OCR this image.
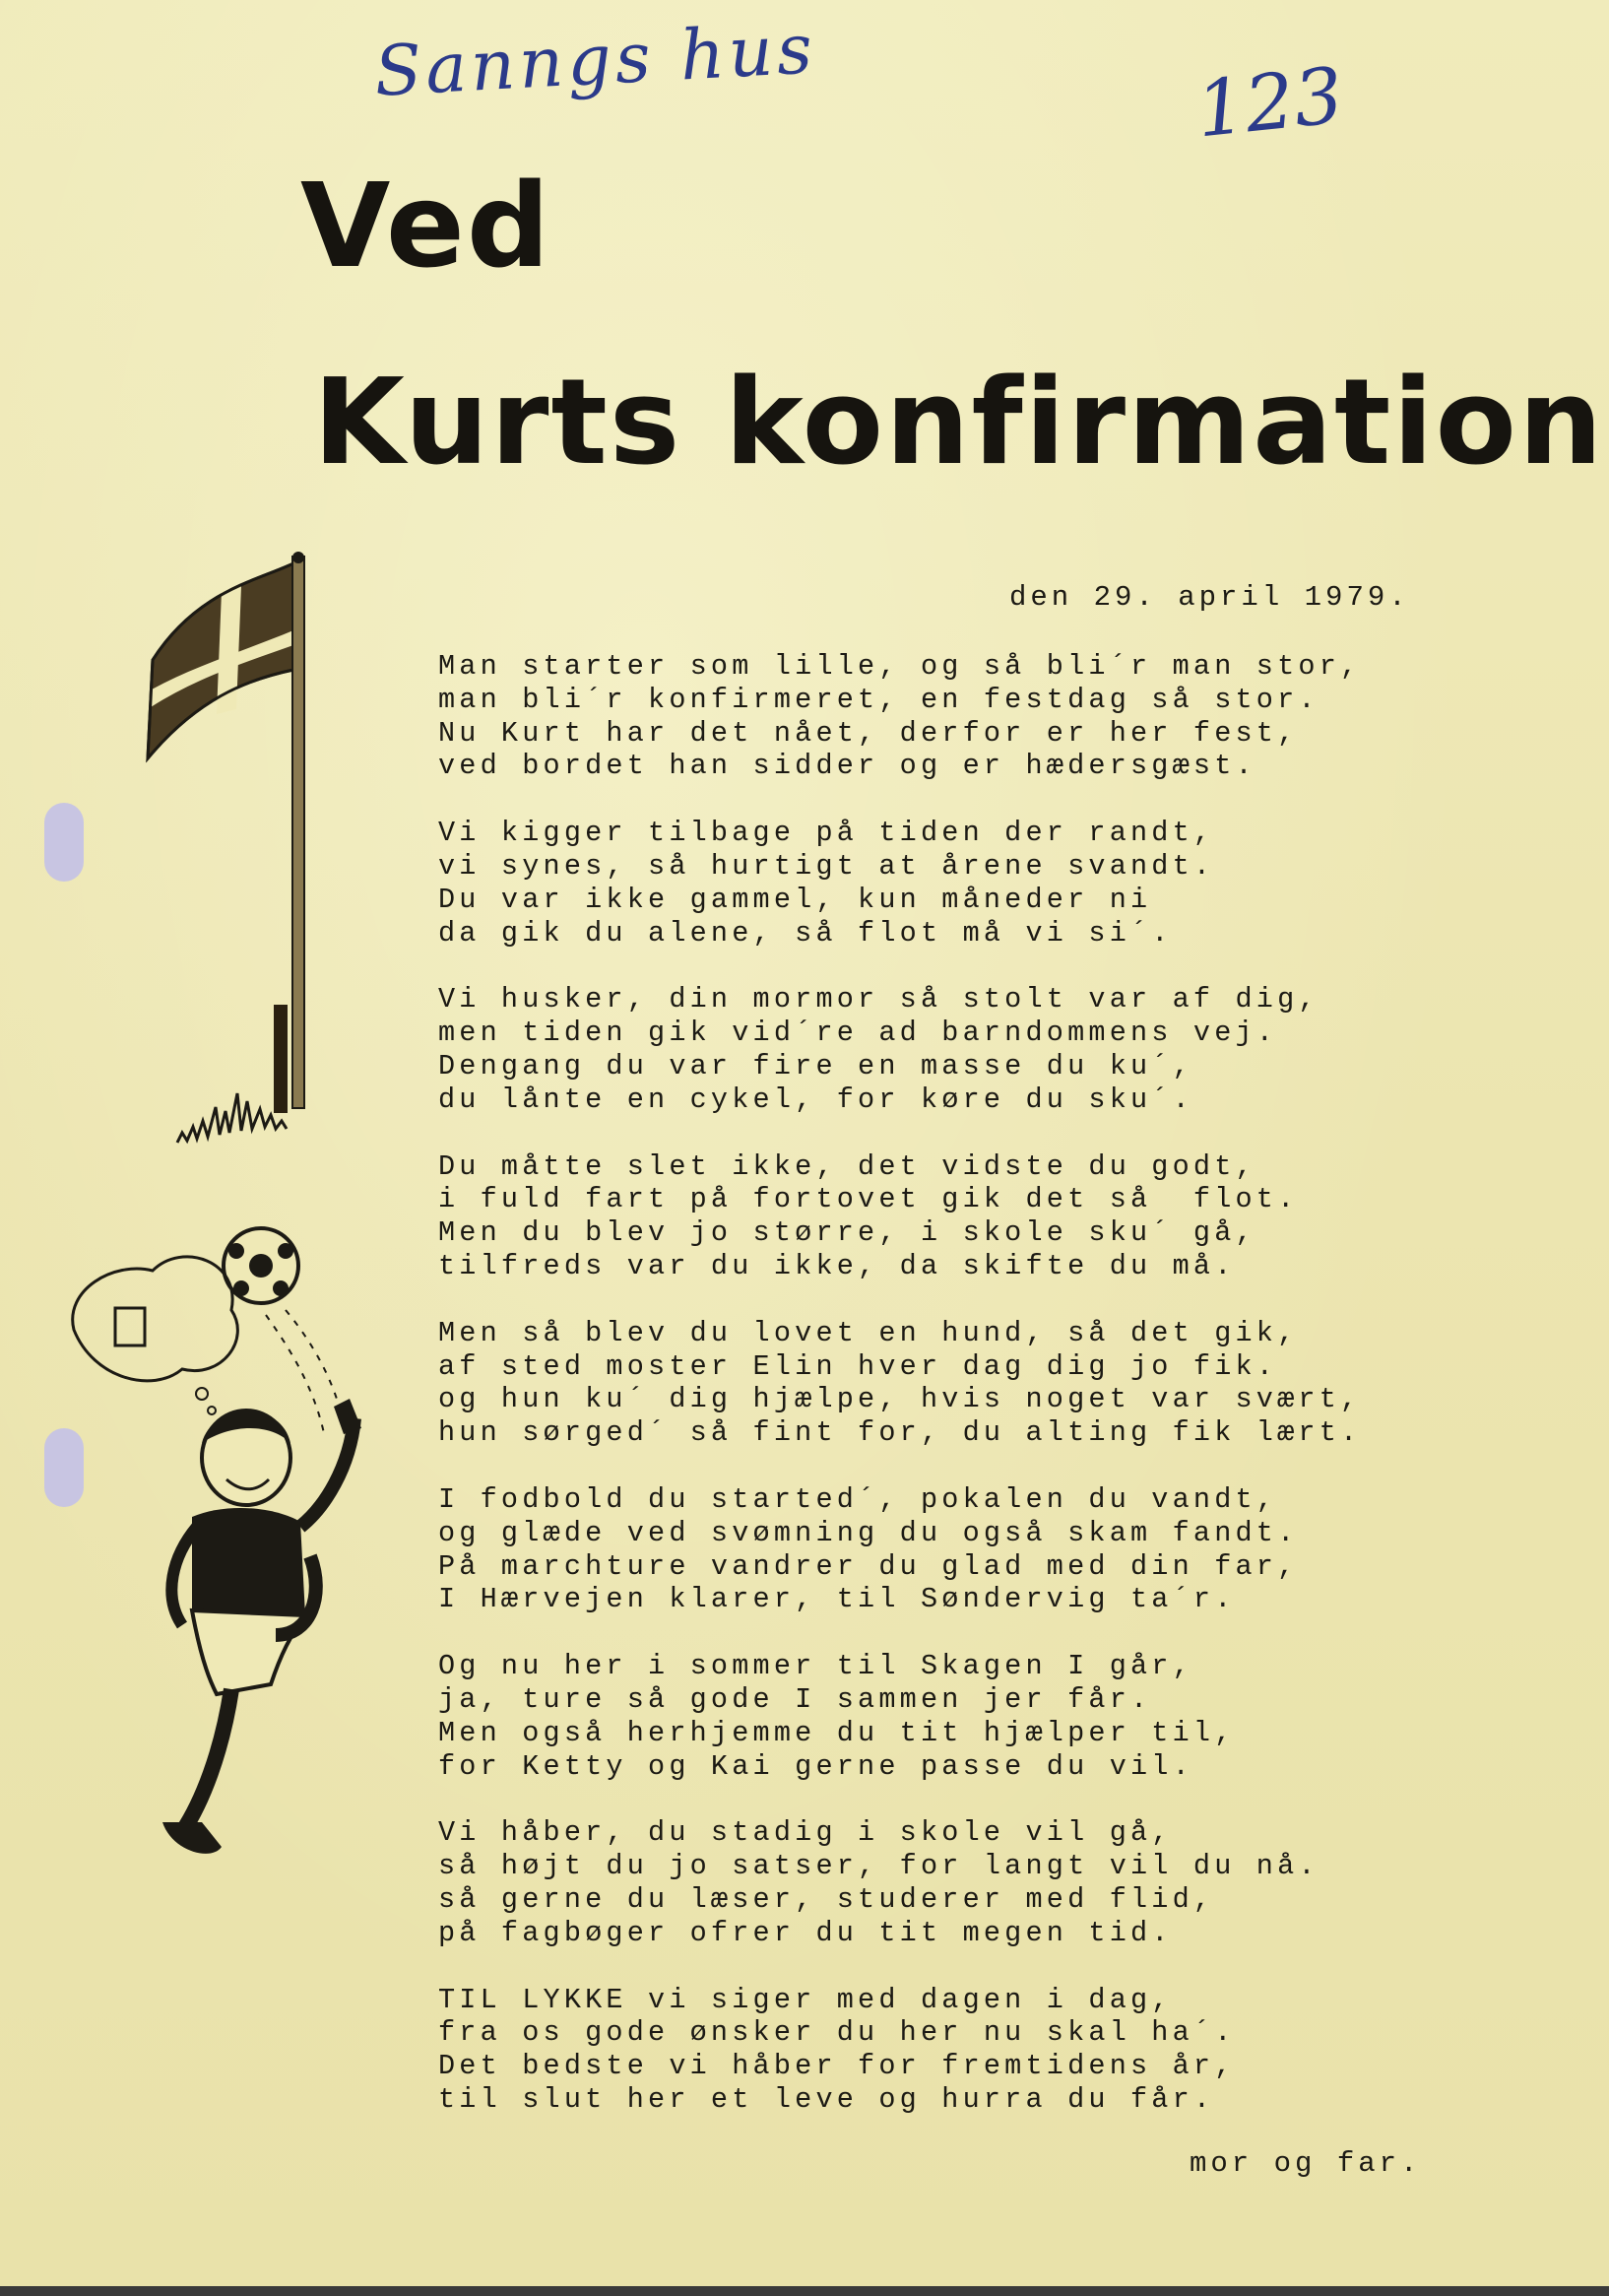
Sanngs hus	123
Ved
Kurts konfirmation
den 29. april 1979.
Man starter som lille, og så bli´r man stor,
man bli´r konfirmeret, en festdag så stor.
Nu Kurt har det nået, derfor er her fest,
ved bordet han sidder og er hædersgæst.
Vi kigger tilbage på tiden der randt,
vi synes, så hurtigt at årene svandt.
Du var ikke gammel, kun måneder ni
da gik du alene, så flot må vi si´.
Vi husker, din mormor så stolt var af dig,
men tiden gik vid´re ad barndommens vej.
Dengang du var fire en masse du ku´,
du lånte en cykel, for køre du sku´.
Du måtte slet ikke, det vidste du godt,
i fuld fart på fortovet gik det så  flot.
Men du blev jo større, i skole sku´ gå,
tilfreds var du ikke, da skifte du må.
Men så blev du lovet en hund, så det gik,
af sted moster Elin hver dag dig jo fik.
og hun ku´ dig hjælpe, hvis noget var svært,
hun sørged´ så fint for, du alting fik lært.
I fodbold du started´, pokalen du vandt,
og glæde ved svømning du også skam fandt.
På marchture vandrer du glad med din far,
I Hærvejen klarer, til Søndervig ta´r.
Og nu her i sommer til Skagen I går,
ja, ture så gode I sammen jer får.
Men også herhjemme du tit hjælper til,
for Ketty og Kai gerne passe du vil.
Vi håber, du stadig i skole vil gå,
så højt du jo satser, for langt vil du nå.
så gerne du læser, studerer med flid,
på fagbøger ofrer du tit megen tid.
TIL LYKKE vi siger med dagen i dag,
fra os gode ønsker du her nu skal ha´.
Det bedste vi håber for fremtidens år,
til slut her et leve og hurra du får.
mor og far.
